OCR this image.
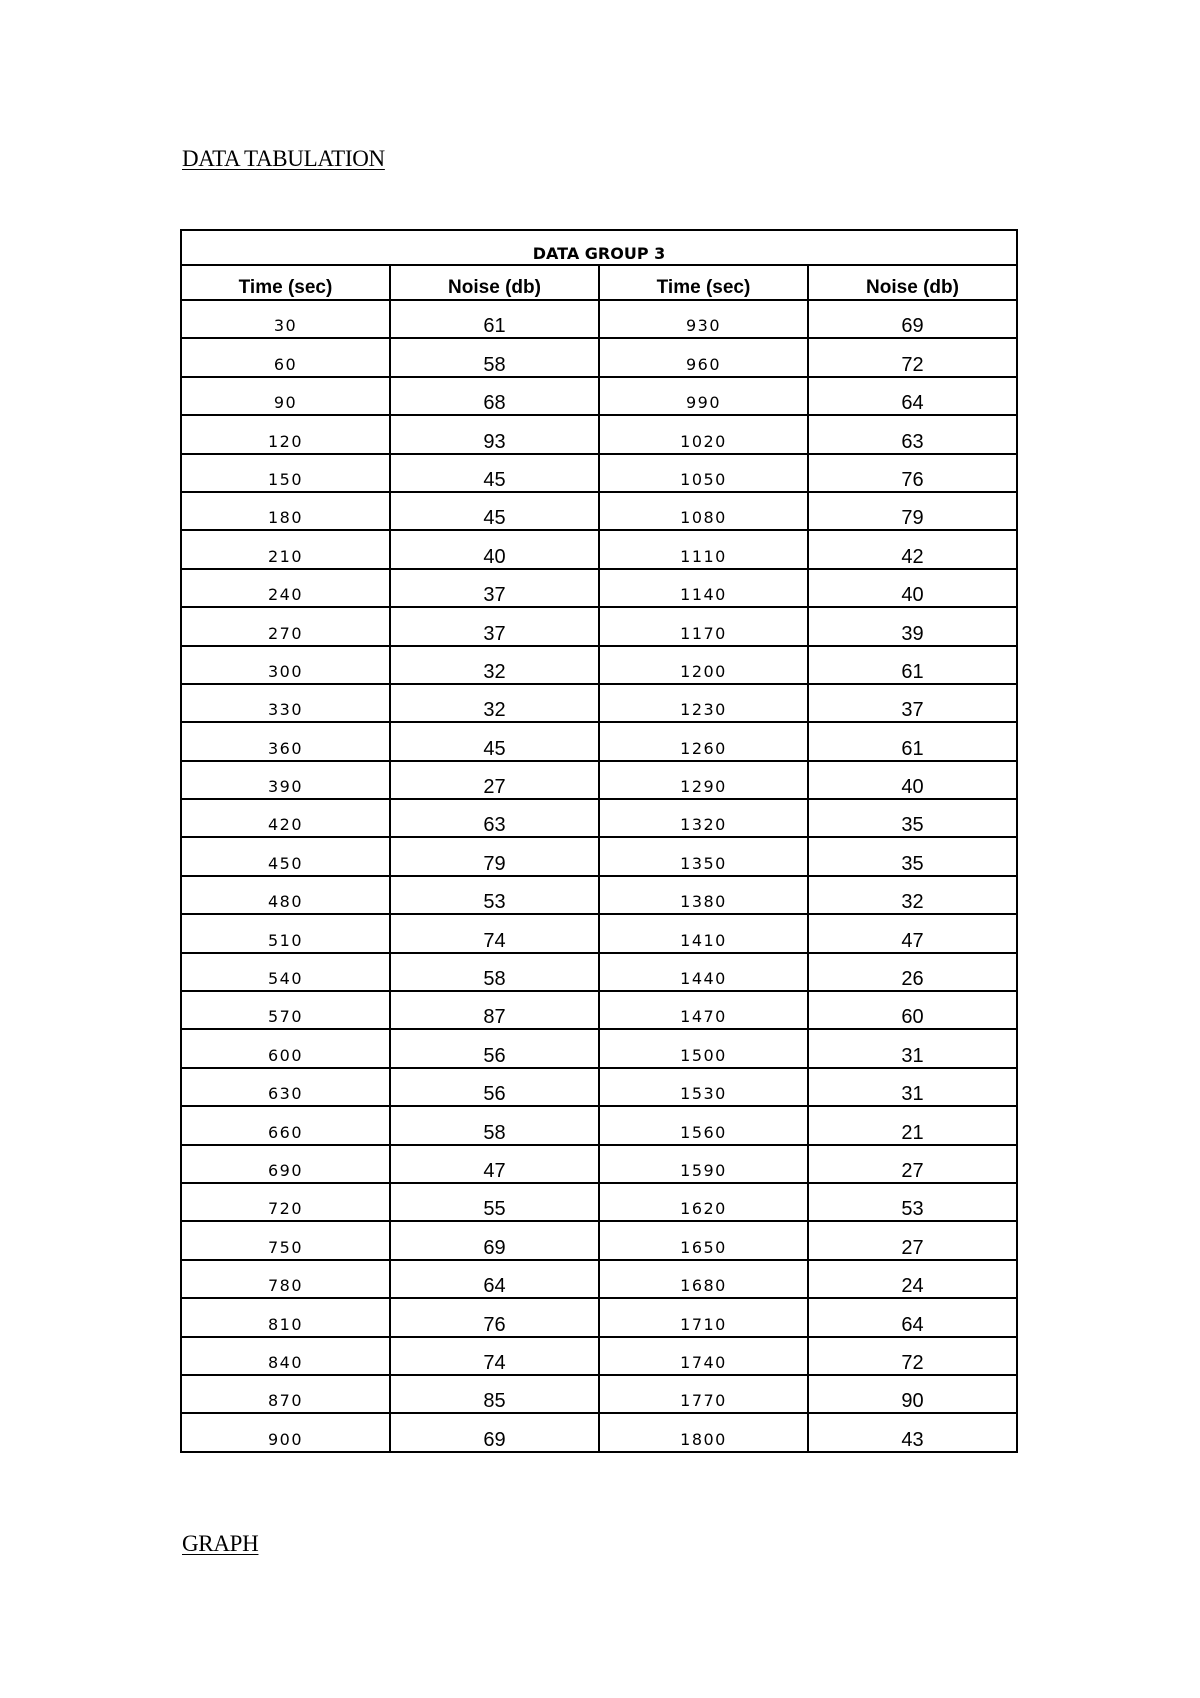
DATA TABULATION
DATA GROUP 3			
Time (sec)	Noise (db)	Time (sec)	Noise (db)
30	61	930	69
60	58	960	72
90	68	990	64
120	93	1020	63
150	45	1050	76
180	45	1080	79
210	40	1110	42
240	37	1140	40
270	37	1170	39
300	32	1200	61
330	32	1230	37
360	45	1260	61
390	27	1290	40
420	63	1320	35
450	79	1350	35
480	53	1380	32
510	74	1410	47
540	58	1440	26
570	87	1470	60
600	56	1500	31
630	56	1530	31
660	58	1560	21
690	47	1590	27
720	55	1620	53
750	69	1650	27
780	64	1680	24
810	76	1710	64
840	74	1740	72
870	85	1770	90
900	69	1800	43
GRAPH
